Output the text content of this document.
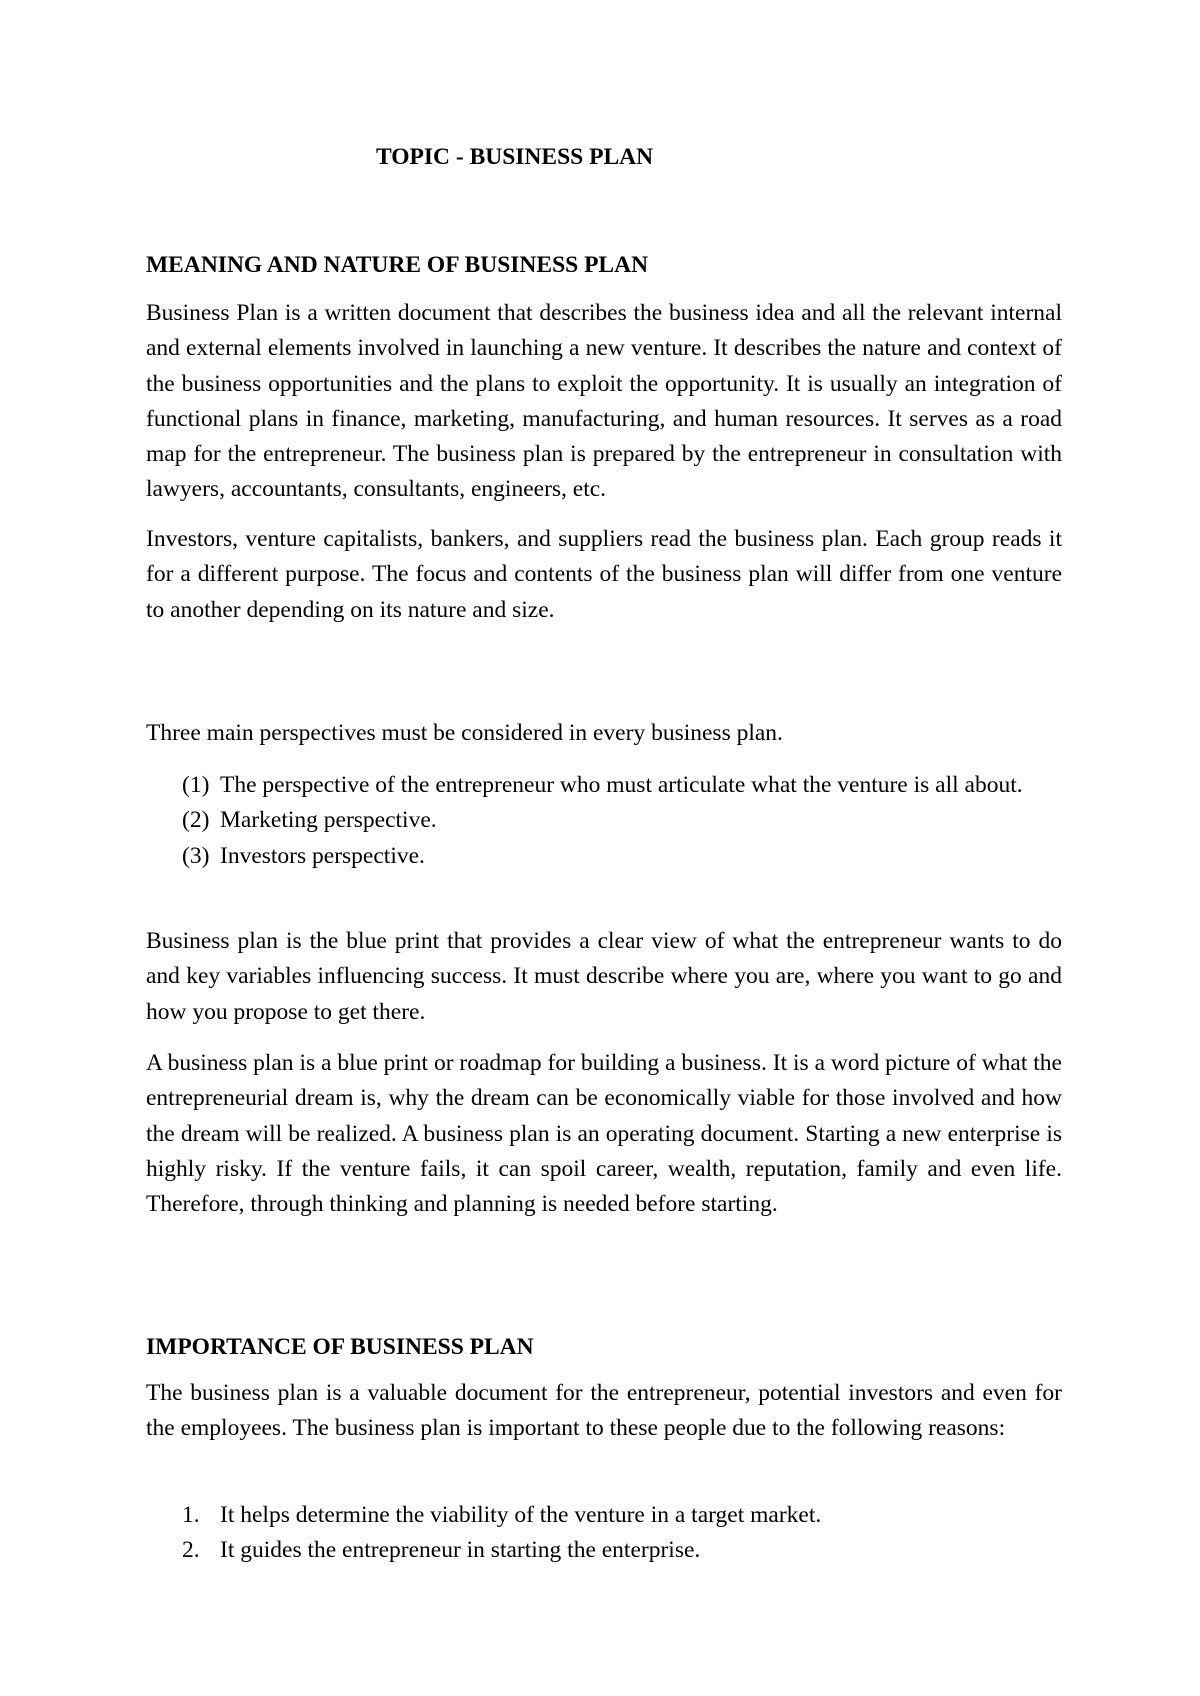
TOPIC - BUSINESS PLAN
MEANING AND NATURE OF BUSINESS PLAN

Business Plan is a written document that describes the business idea and all the relevant internal and external elements involved in launching a new venture. It describes the nature and context of the business opportunities and the plans to exploit the opportunity. It is usually an integration of functional plans in finance, marketing, manufacturing, and human resources. It serves as a road map for the entrepreneur. The business plan is prepared by the entrepreneur in consultation with lawyers, accountants, consultants, engineers, etc.

Investors, venture capitalists, bankers, and suppliers read the business plan. Each group reads it for a different purpose. The focus and contents of the business plan will differ from one venture to another depending on its nature and size.

Three main perspectives must be considered in every business plan.

(1) The perspective of the entrepreneur who must articulate what the venture is all about.
(2) Marketing perspective.
(3) Investors perspective.

Business plan is the blue print that provides a clear view of what the entrepreneur wants to do and key variables influencing success. It must describe where you are, where you want to go and how you propose to get there.

A business plan is a blue print or roadmap for building a business. It is a word picture of what the entrepreneurial dream is, why the dream can be economically viable for those involved and how the dream will be realized. A business plan is an operating document. Starting a new enterprise is highly risky. If the venture fails, it can spoil career, wealth, reputation, family and even life. Therefore, through thinking and planning is needed before starting.

IMPORTANCE OF BUSINESS PLAN

The business plan is a valuable document for the entrepreneur, potential investors and even for the employees. The business plan is important to these people due to the following reasons:

1. It helps determine the viability of the venture in a target market.
2. It guides the entrepreneur in starting the enterprise.
